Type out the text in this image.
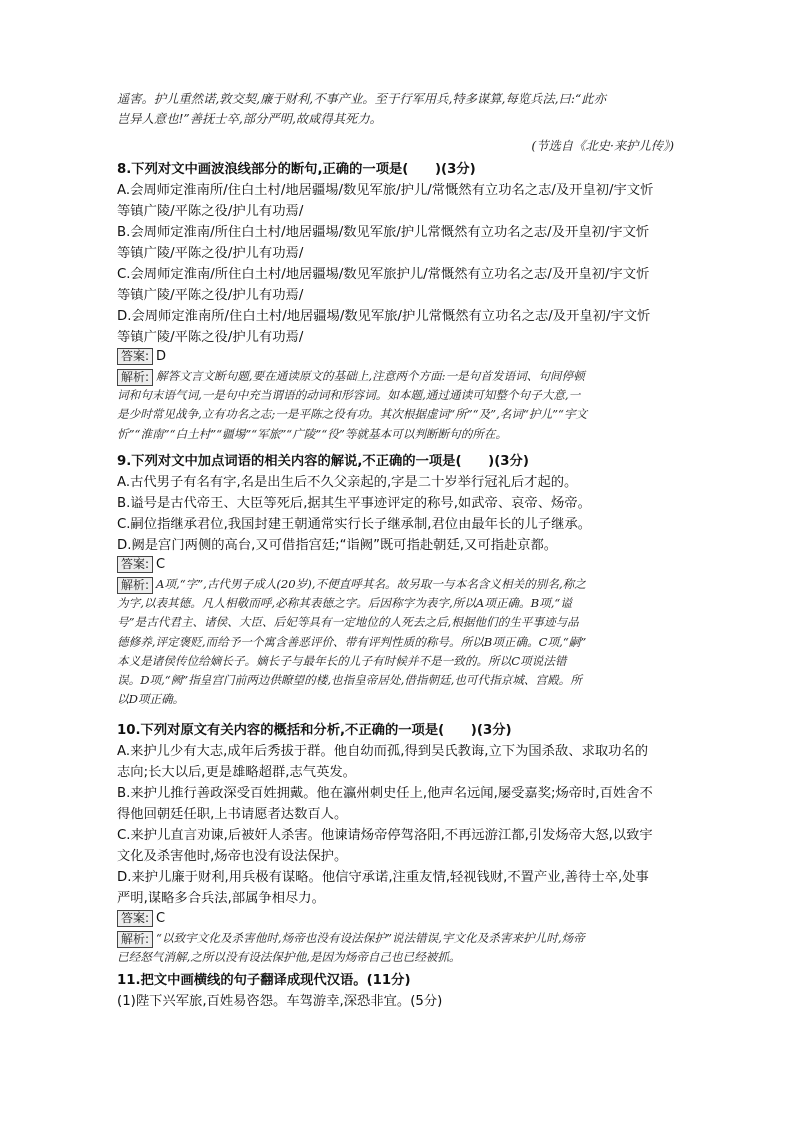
遥害。护儿重然诺,敦交契,廉于财利,不事产业。至于行军用兵,特多谋算,每览兵法,曰:“此亦
岂异人意也!”善抚士卒,部分严明,故咸得其死力。
(节选自《北史·来护儿传》)
8.下列对文中画波浪线部分的断句,正确的一项是(　　)(3分)
A.会周师定淮南所/住白土村/地居疆埸/数见军旅/护儿/常慨然有立功名之志/及开皇初/宇文忻
等镇广陵/平陈之役/护儿有功焉/
B.会周师定淮南/所住白土村/地居疆埸/数见军旅/护儿常慨然有立功名之志/及开皇初/宇文忻
等镇广陵/平陈之役/护儿有功焉/
C.会周师定淮南/所住白土村/地居疆埸/数见军旅护儿/常慨然有立功名之志/及开皇初/宇文忻
等镇广陵/平陈之役/护儿有功焉/
D.会周师定淮南所/住白土村/地居疆埸/数见军旅/护儿常慨然有立功名之志/及开皇初/宇文忻
等镇广陵/平陈之役/护儿有功焉/
答案: D
解析: 解答文言文断句题,要在通读原文的基础上,注意两个方面:一是句首发语词、句间停顿
词和句末语气词,一是句中充当谓语的动词和形容词。如本题,通过通读可知整个句子大意,一
是少时常见战争,立有功名之志;一是平陈之役有功。其次根据虚词“所”“及”,名词“护儿”“宇文
忻”“淮南”“白土村”“疆埸”“军旅”“广陵”“役”等就基本可以判断断句的所在。
9.下列对文中加点词语的相关内容的解说,不正确的一项是(　　)(3分)
A.古代男子有名有字,名是出生后不久父亲起的,字是二十岁举行冠礼后才起的。
B.谥号是古代帝王、大臣等死后,据其生平事迹评定的称号,如武帝、哀帝、炀帝。
C.嗣位指继承君位,我国封建王朝通常实行长子继承制,君位由最年长的儿子继承。
D.阙是宫门两侧的高台,又可借指宫廷;“诣阙”既可指赴朝廷,又可指赴京都。
答案: C
解析: A项,“字”,古代男子成人(20岁),不便直呼其名。故另取一与本名含义相关的别名,称之
为字,以表其德。凡人相敬而呼,必称其表德之字。后因称字为表字,所以A项正确。B项,“谥
号”是古代君主、诸侯、大臣、后妃等具有一定地位的人死去之后,根据他们的生平事迹与品
德修养,评定褒贬,而给予一个寓含善恶评价、带有评判性质的称号。所以B项正确。C项,“嗣”
本义是诸侯传位给嫡长子。嫡长子与最年长的儿子有时候并不是一致的。所以C项说法错
误。D项,“阙”指皇宫门前两边供瞭望的楼,也指皇帝居处,借指朝廷,也可代指京城、宫殿。所
以D项正确。
10.下列对原文有关内容的概括和分析,不正确的一项是(　　)(3分)
A.来护儿少有大志,成年后秀拔于群。他自幼而孤,得到吴氏教诲,立下为国杀敌、求取功名的
志向;长大以后,更是雄略超群,志气英发。
B.来护儿推行善政深受百姓拥戴。他在瀛州刺史任上,他声名远闻,屡受嘉奖;炀帝时,百姓舍不
得他回朝廷任职,上书请愿者达数百人。
C.来护儿直言劝谏,后被奸人杀害。他谏请炀帝停驾洛阳,不再远游江都,引发炀帝大怒,以致宇
文化及杀害他时,炀帝也没有设法保护。
D.来护儿廉于财利,用兵极有谋略。他信守承诺,注重友情,轻视钱财,不置产业,善待士卒,处事
严明,谋略多合兵法,部属争相尽力。
答案: C
解析: “以致宇文化及杀害他时,炀帝也没有设法保护”说法错误,宇文化及杀害来护儿时,炀帝
已经怒气消解,之所以没有设法保护他,是因为炀帝自己也已经被抓。
11.把文中画横线的句子翻译成现代汉语。(11分)
(1)陛下兴军旅,百姓易咨怨。车驾游幸,深恐非宜。(5分)
